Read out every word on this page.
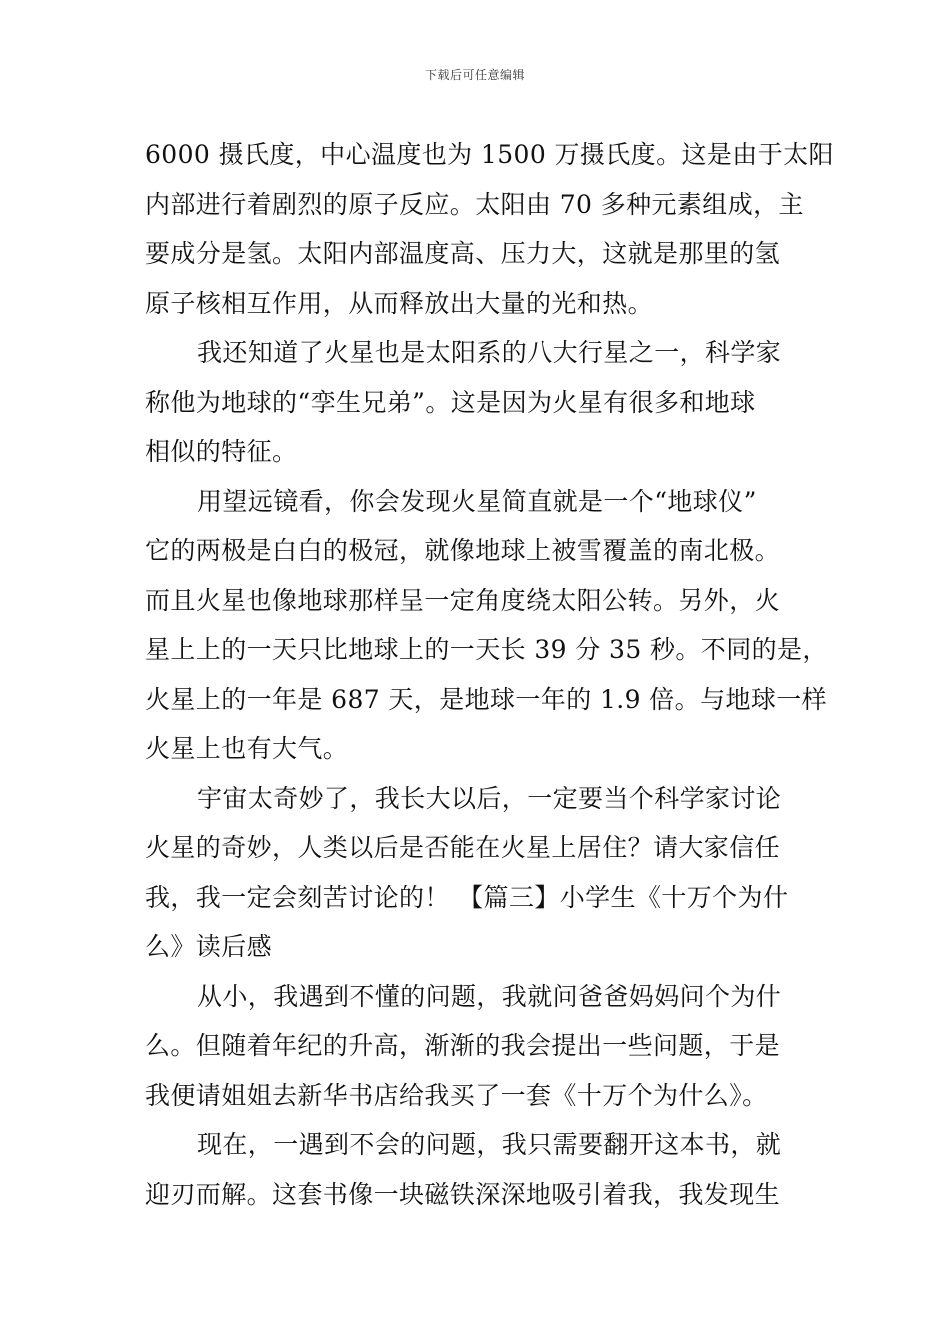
下载后可任意编辑
6000 摄氏度，中心温度也为 1500 万摄氏度。这是由于太阳
内部进行着剧烈的原子反应。太阳由 70 多种元素组成，主
要成分是氢。太阳内部温度高、压力大，这就是那里的氢
原子核相互作用，从而释放出大量的光和热。
我还知道了火星也是太阳系的八大行星之一，科学家
称他为地球的“孪生兄弟”。这是因为火星有很多和地球
相似的特征。
用望远镜看，你会发现火星简直就是一个“地球仪”
它的两极是白白的极冠，就像地球上被雪覆盖的南北极。
而且火星也像地球那样呈一定角度绕太阳公转。另外，火
星上上的一天只比地球上的一天长 39 分 35 秒。不同的是，
火星上的一年是 687 天，是地球一年的 1.9 倍。与地球一样
火星上也有大气。
宇宙太奇妙了，我长大以后，一定要当个科学家讨论
火星的奇妙，人类以后是否能在火星上居住？请大家信任
我，我一定会刻苦讨论的！ 【篇三】小学生《十万个为什
么》读后感
从小，我遇到不懂的问题，我就问爸爸妈妈问个为什
么。但随着年纪的升高，渐渐的我会提出一些问题，于是
我便请姐姐去新华书店给我买了一套《十万个为什么》。
现在，一遇到不会的问题，我只需要翻开这本书，就
迎刃而解。这套书像一块磁铁深深地吸引着我，我发现生
